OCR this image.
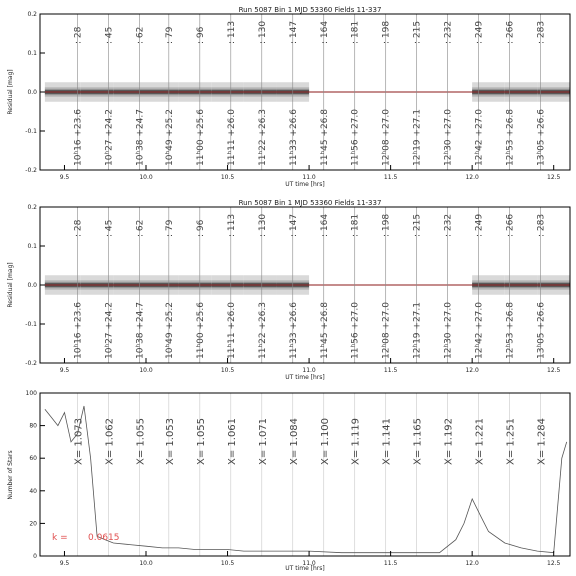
Run 5087 Bin 1 MJD 53360 Fields 11-337
: 28
10ʰ16 +23.6
: 45
10ʰ27 +24.2
: 62
10ʰ38 +24.7
: 79
10ʰ49 +25.2
: 96
11ʰ00 +25.6
: 113
11ʰ11 +26.0
: 130
11ʰ22 +26.3
: 147
11ʰ33 +26.6
: 164
11ʰ45 +26.8
: 181
11ʰ56 +27.0
: 198
12ʰ08 +27.0
: 215
12ʰ19 +27.1
: 232
12ʰ30 +27.0
: 249
12ʰ42 +27.0
: 266
12ʰ53 +26.8
: 283
13ʰ05 +26.6
-0.2
-0.1
0.0
0.1
0.2
9.5	10.0	10.5	11.0	11.5	12.0	12.5
Residual [mag]
UT time [hrs]
Run 5087 Bin 1 MJD 53360 Fields 11-337
: 28
10ʰ16 +23.6
: 45
10ʰ27 +24.2
: 62
10ʰ38 +24.7
: 79
10ʰ49 +25.2
: 96
11ʰ00 +25.6
: 113
11ʰ11 +26.0
: 130
11ʰ22 +26.3
: 147
11ʰ33 +26.6
: 164
11ʰ45 +26.8
: 181
11ʰ56 +27.0
: 198
12ʰ08 +27.0
: 215
12ʰ19 +27.1
: 232
12ʰ30 +27.0
: 249
12ʰ42 +27.0
: 266
12ʰ53 +26.8
: 283
13ʰ05 +26.6
-0.2
-0.1
0.0
0.1
0.2
9.5	10.0	10.5	11.0	11.5	12.0	12.5
Residual [mag]
UT time [hrs]
X= 1.073 X= 1.062 X= 1.055 X= 1.053 X= 1.055 X= 1.061 X= 1.071 X= 1.084 X= 1.100 X= 1.119 X= 1.141 X= 1.165 X= 1.192 X= 1.221 X= 1.251 X= 1.284
0
20
40
60
80
100
9.5	10.0	10.5	11.0	11.5	12.0	12.5
Number of Stars
UT time [hrs]
k = 0.0615
